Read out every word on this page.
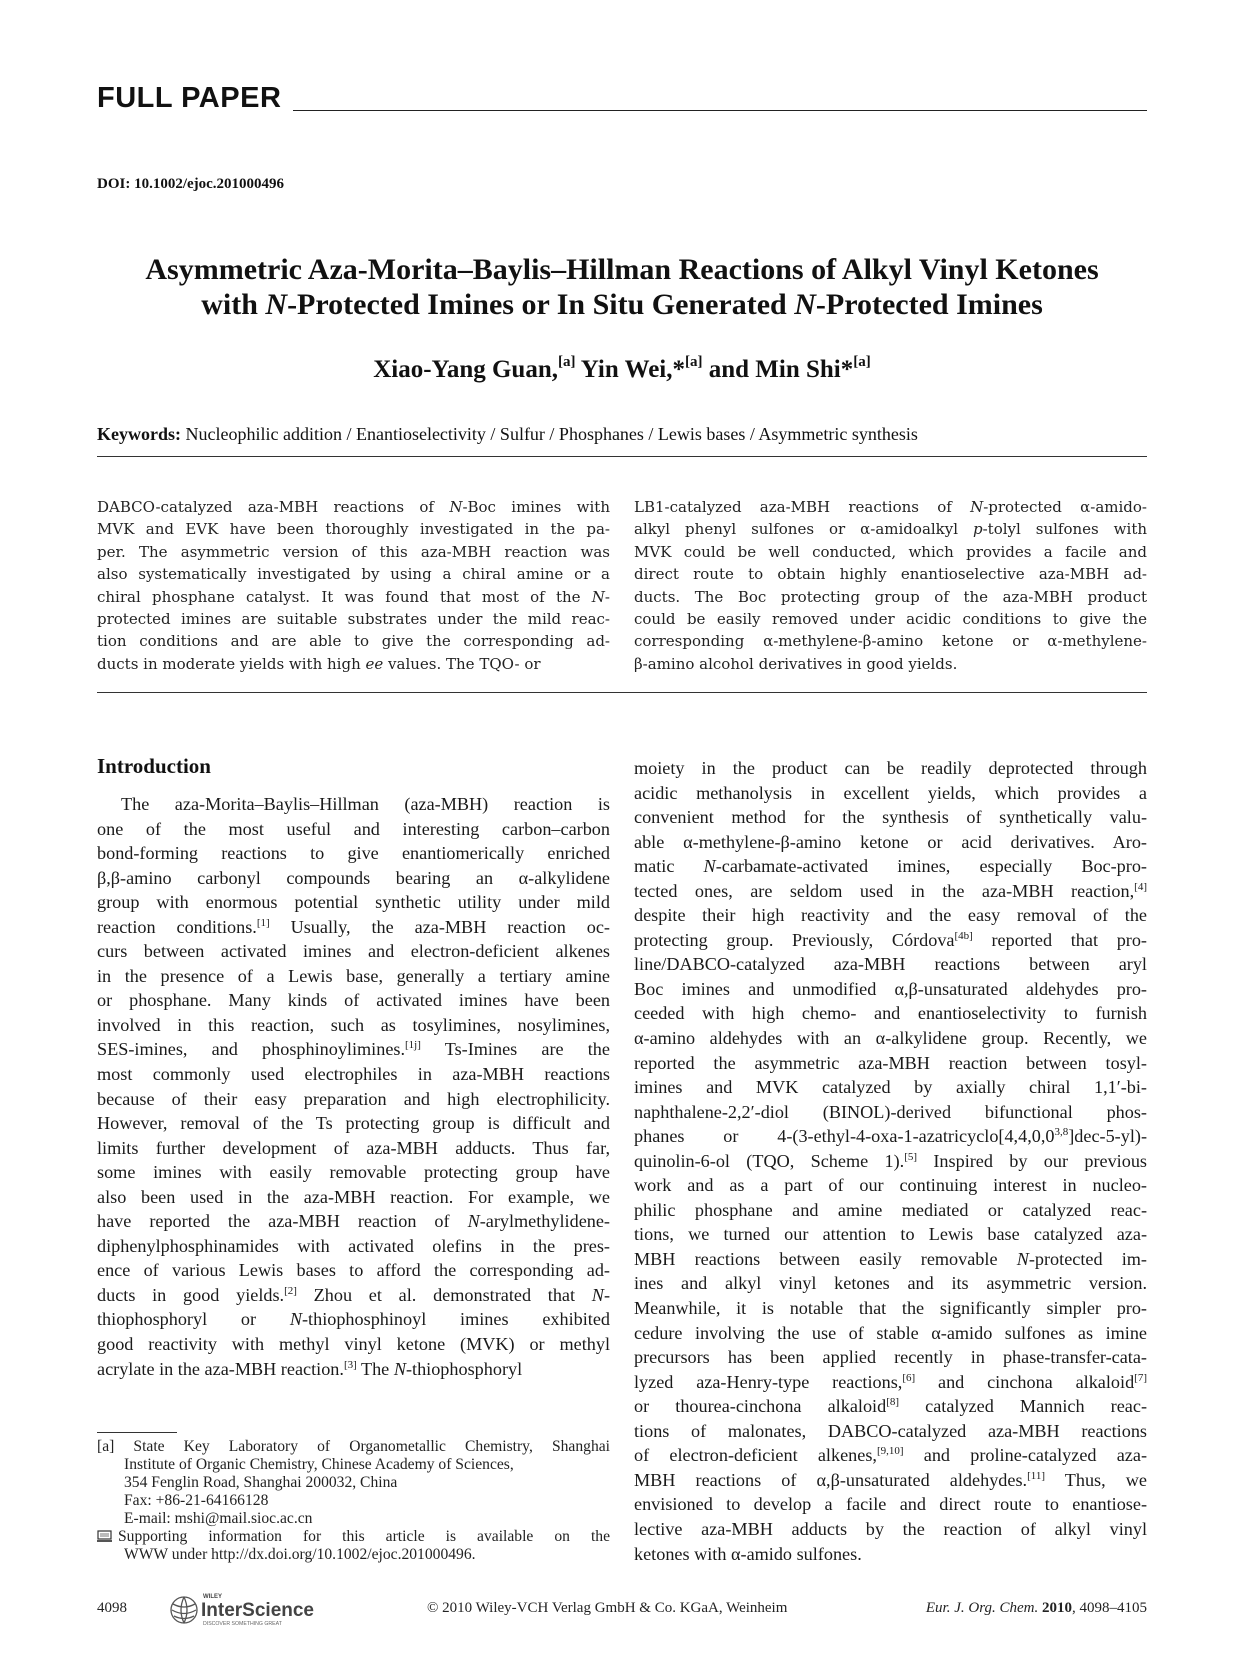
FULL PAPER
DOI: 10.1002/ejoc.201000496
Asymmetric Aza-Morita–Baylis–Hillman Reactions of Alkyl Vinyl Ketones
with N-Protected Imines or In Situ Generated N-Protected Imines
Xiao-Yang Guan,[a] Yin Wei,*[a] and Min Shi*[a]
Keywords: Nucleophilic addition / Enantioselectivity / Sulfur / Phosphanes / Lewis bases / Asymmetric synthesis
DABCO-catalyzed aza-MBH reactions of N-Boc imines with
MVK and EVK have been thoroughly investigated in the pa-
per. The asymmetric version of this aza-MBH reaction was
also systematically investigated by using a chiral amine or a
chiral phosphane catalyst. It was found that most of the N-
protected imines are suitable substrates under the mild reac-
tion conditions and are able to give the corresponding ad-
ducts in moderate yields with high ee values. The TQO- or
LB1-catalyzed aza-MBH reactions of N-protected α-amido-
alkyl phenyl sulfones or α-amidoalkyl p-tolyl sulfones with
MVK could be well conducted, which provides a facile and
direct route to obtain highly enantioselective aza-MBH ad-
ducts. The Boc protecting group of the aza-MBH product
could be easily removed under acidic conditions to give the
corresponding α-methylene-β-amino ketone or α-methylene-
β-amino alcohol derivatives in good yields.
Introduction
The aza-Morita–Baylis–Hillman (aza-MBH) reaction is
one of the most useful and interesting carbon–carbon
bond-forming reactions to give enantiomerically enriched
β,β-amino carbonyl compounds bearing an α-alkylidene
group with enormous potential synthetic utility under mild
reaction conditions.[1] Usually, the aza-MBH reaction oc-
curs between activated imines and electron-deficient alkenes
in the presence of a Lewis base, generally a tertiary amine
or phosphane. Many kinds of activated imines have been
involved in this reaction, such as tosylimines, nosylimines,
SES-imines, and phosphinoylimines.[1j] Ts-Imines are the
most commonly used electrophiles in aza-MBH reactions
because of their easy preparation and high electrophilicity.
However, removal of the Ts protecting group is difficult and
limits further development of aza-MBH adducts. Thus far,
some imines with easily removable protecting group have
also been used in the aza-MBH reaction. For example, we
have reported the aza-MBH reaction of N-arylmethylidene-
diphenylphosphinamides with activated olefins in the pres-
ence of various Lewis bases to afford the corresponding ad-
ducts in good yields.[2] Zhou et al. demonstrated that N-
thiophosphoryl or N-thiophosphinoyl imines exhibited
good reactivity with methyl vinyl ketone (MVK) or methyl
acrylate in the aza-MBH reaction.[3] The N-thiophosphoryl
moiety in the product can be readily deprotected through
acidic methanolysis in excellent yields, which provides a
convenient method for the synthesis of synthetically valu-
able α-methylene-β-amino ketone or acid derivatives. Aro-
matic N-carbamate-activated imines, especially Boc-pro-
tected ones, are seldom used in the aza-MBH reaction,[4]
despite their high reactivity and the easy removal of the
protecting group. Previously, Córdova[4b] reported that pro-
line/DABCO-catalyzed aza-MBH reactions between aryl
Boc imines and unmodified α,β-unsaturated aldehydes pro-
ceeded with high chemo- and enantioselectivity to furnish
α-amino aldehydes with an α-alkylidene group. Recently, we
reported the asymmetric aza-MBH reaction between tosyl-
imines and MVK catalyzed by axially chiral 1,1′-bi-
naphthalene-2,2′-diol (BINOL)-derived bifunctional phos-
phanes or 4-(3-ethyl-4-oxa-1-azatricyclo[4,4,0,0$^{3,8}$]dec-5-yl)-
quinolin-6-ol (TQO, Scheme 1).[5] Inspired by our previous
work and as a part of our continuing interest in nucleo-
philic phosphane and amine mediated or catalyzed reac-
tions, we turned our attention to Lewis base catalyzed aza-
MBH reactions between easily removable N-protected im-
ines and alkyl vinyl ketones and its asymmetric version.
Meanwhile, it is notable that the significantly simpler pro-
cedure involving the use of stable α-amido sulfones as imine
precursors has been applied recently in phase-transfer-cata-
lyzed aza-Henry-type reactions,[6] and cinchona alkaloid[7]
or thourea-cinchona alkaloid[8] catalyzed Mannich reac-
tions of malonates, DABCO-catalyzed aza-MBH reactions
of electron-deficient alkenes,[9,10] and proline-catalyzed aza-
MBH reactions of α,β-unsaturated aldehydes.[11] Thus, we
envisioned to develop a facile and direct route to enantiose-
lective aza-MBH adducts by the reaction of alkyl vinyl
ketones with α-amido sulfones.
[a] State Key Laboratory of Organometallic Chemistry, Shanghai
Institute of Organic Chemistry, Chinese Academy of Sciences,
354 Fenglin Road, Shanghai 200032, China
Fax: +86-21-64166128
E-mail: mshi@mail.sioc.ac.cn
Supporting information for this article is available on the
WWW under http://dx.doi.org/10.1002/ejoc.201000496.
4098
WILEY
InterScience
DISCOVER SOMETHING GREAT
© 2010 Wiley-VCH Verlag GmbH & Co. KGaA, Weinheim	Eur. J. Org. Chem. 2010, 4098–4105
